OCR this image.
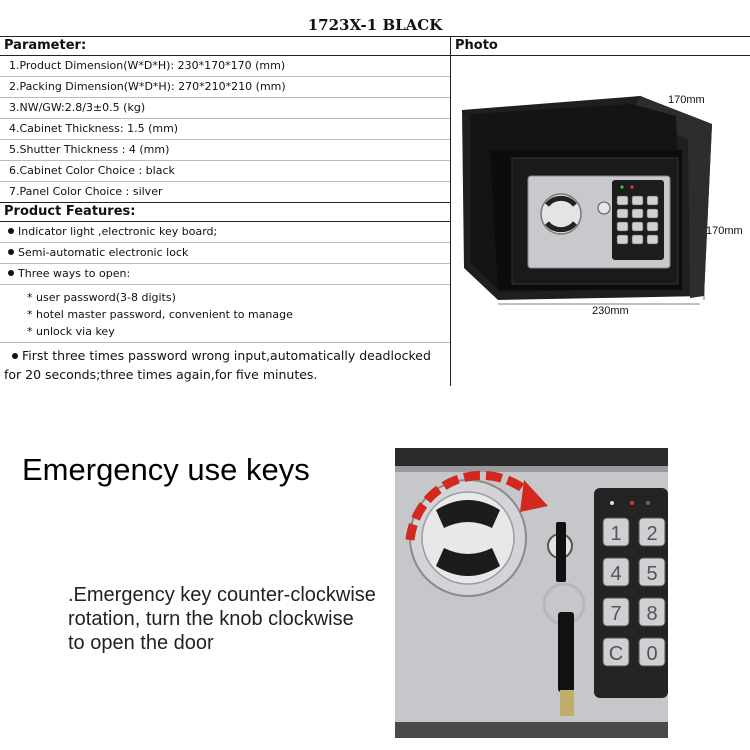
1723X-1 BLACK
Parameter:
1.Product Dimension(W*D*H): 230*170*170 (mm)
2.Packing Dimension(W*D*H): 270*210*210 (mm)
3.NW/GW:2.8/3±0.5 (kg)
4.Cabinet Thickness: 1.5 (mm)
5.Shutter Thickness : 4 (mm)
6.Cabinet Color Choice : black
7.Panel Color Choice : silver
Product Features:
Indicator light ,electronic key board;
Semi-automatic electronic lock
Three ways to open:
* user password(3-8 digits)
* hotel master password, convenient to manage
* unlock via key
First three times password wrong input,automatically deadlocked
for 20 seconds;three times again,for five minutes.
Photo
1 2
4 5
7 8
C 0
170mm
170mm
230mm
Emergency use keys
.Emergency key counter-clockwise
rotation, turn the knob clockwise
to open the door
